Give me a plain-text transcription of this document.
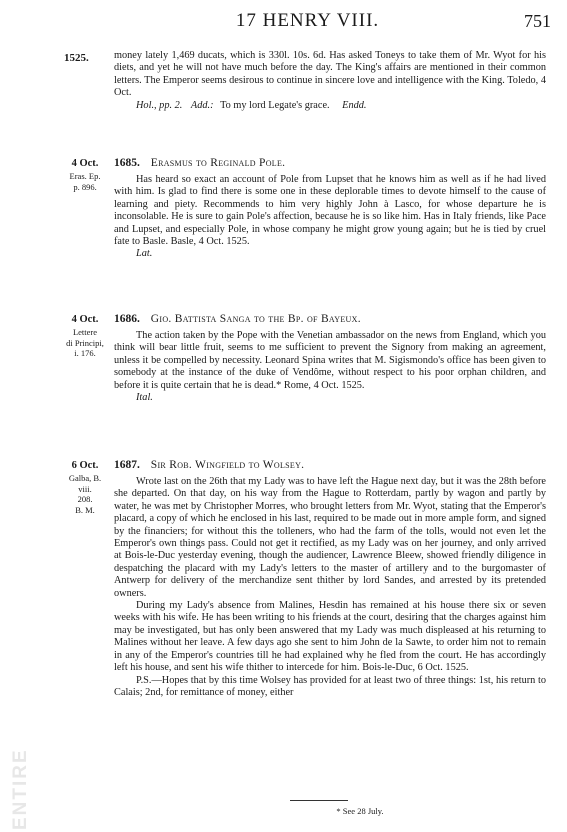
ENTIRE
17 HENRY VIII.	751
1525. money lately 1,469 ducats, which is 330l. 10s. 6d. Has asked Toneys to take them of Mr. Wyot for his diets, and yet he will not have much before the day. The King's affairs are mentioned in their common letters. The Emperor seems desirous to continue in sincere love and intelligence with the King. Toledo, 4 Oct.

Hol., pp. 2. Add.: To my lord Legate's grace. Endd.

4 Oct.
Eras. Ep.
p. 896.
1685. Erasmus to Reginald Pole.

Has heard so exact an account of Pole from Lupset that he knows him as well as if he had lived with him. Is glad to find there is some one in these deplorable times to devote himself to the cause of learning and piety. Recommends to him very highly John à Lasco, for whose departure he is inconsolable. He is sure to gain Pole's affection, because he is so like him. Has in Italy friends, like Pace and Lupset, and especially Pole, in whose company he might grow young again; but he is tied by cruel fate to Basle. Basle, 4 Oct. 1525.

Lat.

4 Oct.
Lettere
di Principi,
i. 176.
1686. Gio. Battista Sanga to the Bp. of Bayeux.

The action taken by the Pope with the Venetian ambassador on the news from England, which you think will bear little fruit, seems to me sufficient to prevent the Signory from making an agreement, unless it be compelled by necessity. Leonard Spina writes that M. Sigismondo's office has been given to somebody at the instance of the duke of Vendôme, without respect to his poor orphan children, and before it is quite certain that he is dead.* Rome, 4 Oct. 1525.

Ital.

6 Oct.
Galba, B. viii.
208.
B. M.
1687. Sir Rob. Wingfield to Wolsey.

Wrote last on the 26th that my Lady was to have left the Hague next day, but it was the 28th before she departed. On that day, on his way from the Hague to Rotterdam, partly by wagon and partly by water, he was met by Christopher Morres, who brought letters from Mr. Wyot, stating that the Emperor's placard, a copy of which he enclosed in his last, required to be made out in more ample form, and signed by the financiers; for without this the tolleners, who had the farm of the tolls, would not even let the Emperor's own things pass. Could not get it rectified, as my Lady was on her journey, and only arrived at Bois-le-Duc yesterday evening, though the audiencer, Lawrence Bleew, showed friendly diligence in despatching the placard with my Lady's letters to the master of artillery and to the burgomaster of Antwerp for delivery of the merchandize sent thither by lord Sandes, and arrested by its pretended owners.

During my Lady's absence from Malines, Hesdin has remained at his house there six or seven weeks with his wife. He has been writing to his friends at the court, desiring that the charges against him may be investigated, but has only been answered that my Lady was much displeased at his returning to Malines without her leave. A few days ago she sent to him John de la Sawte, to order him not to remain in any of the Emperor's countries till he had explained why he fled from the court. He has accordingly left his house, and sent his wife thither to intercede for him. Bois-le-Duc, 6 Oct. 1525.

P.S.—Hopes that by this time Wolsey has provided for at least two of three things: 1st, his return to Calais; 2nd, for remittance of money, either

* See 28 July.
